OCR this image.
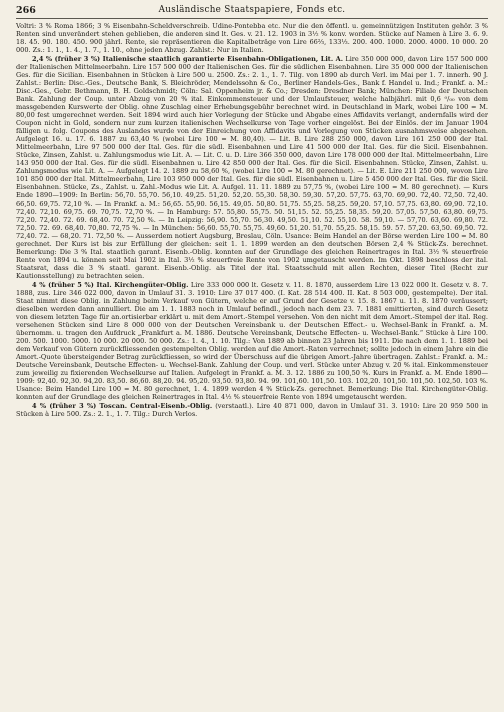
266	Ausländische Staatspapiere, Fonds etc.

Voltri: 3 % Roma 1866; 3 % Eisenbahn-Scheldverschreib. Udine-Pontebba etc. Nur die den öffentl. u. gemeinnützigen Instituten gehör. 3 % Renten sind unverändert stehen geblieben, die anderen sind lt. Ges. v. 21. 12. 1903 in 3½ % konv. worden. Stücke auf Namen à Lire 3. 6. 9. 18. 45. 90. 180. 450. 900 jährl. Rente, sie repräsentieren die Kapitalbeträge von Lire 66⅔, 133⅓. 200. 400. 1000. 2000. 4000. 10 000. 20 000. Zs.: 1. 1., 1. 4., 1. 7., 1. 10., ohne jeden Abzug. Zahlst.: Nur in Italien.

2,4 % (früher 3 %) Italienische staatlich garantierte Eisenbahn-Obligationen, Lit. A. Lire 350 000 000, davon Lire 157 500 000 der Italienischen Mittelmeerbahn. Lire 157 500 000 der Italienischen Ges. für die südlichen Eisenbahnen. Lire 35 000 000 der Italienischen Ges. für die Sicilian. Eisenbahnen in Stücken à Lire 500 u. 2500. Zs.: 2. 1., 1. 7. Tilg. von 1890 ab durch Verl. im Mai per 1. 7. innerh. 90 J. Zahlst.: Berlin: Disc.-Ges., Deutsche Bank, S. Bleichröder, Mendelssohn & Co., Berliner Handels-Ges., Bank f. Handel u. Ind.; Frankf. a. M.: Disc.-Ges., Gebr. Bethmann, B. H. Goldschmidt; Cöln: Sal. Oppenheim jr. & Co.; Dresden: Dresdner Bank; München: Filiale der Deutschen Bank. Zahlung der Coup. unter Abzug von 20 % ital. Einkommensteuer und der Umlaufsteuer, welche halbjährl. mit 0,6 ⁰/₀₀ von dem massgebenden Kurswerte der Oblig. ohne Zuschlag einer Erhebungsgebühr berechnet wird. in Deutschland in Mark, wobei Lire 100 = M. 80,00 fest umgerechnet werden. Seit 1894 wird auch hier Vorlegung der Stücke und Abgabe eines Affidavits verlangt, andernfalls wird der Coupon nicht in Gold, sondern nur zum kurzen italienischen Wechselkurse von Tage vorher eingelöst. Bei der Einlös. der im Januar 1904 fälligen u. folg. Coupons des Auslandes wurde von der Einreichung von Affidavits und Vorlegung von Stücken ausnahmsweise abgesehen. Aufgelegt 16. u. 17. 6. 1887 zu 63,40 % (wobei Lire 100 = M. 80,40). — Lit. B. Lire 288 250 000, davon Lire 161 250 000 der Ital. Mittelmeerbahn, Lire 97 500 000 der Ital. Ges. für die südl. Eisenbahnen und Lire 41 500 000 der Ital. Ges. für die Sicil. Eisenbahnen. Stücke, Zinsen, Zahlst. u. Zahlungsmodus wie Lit. A. — Lit. C. u. D. Lire 366 350 000, davon Lire 178 000 000 der Ital. Mittelmeerbahn, Lire 143 950 000 der Ital. Ges. für die südl. Eisenbahnen u. Lire 42 850 000 der Ital. Ges. für die Sicil. Eisenbahnen. Stücke, Zinsen, Zahlst. u. Zahlungsmodus wie Lit. A. — Aufgelegt 14. 2. 1889 zu 58,60 %, (wobei Lire 100 = M. 80 gerechnet). — Lit. E. Lire 211 250 000, wovon Lire 101 850 000 der Ital. Mittelmeerbahn, Lire 103 950 000 der Ital. Ges. für die südl. Eisenbahnen u. Lire 5 450 000 der Ital. Ges. für die Sicil. Eisenbahnen. Stücke, Zs., Zahlst. u. Zahl.-Modus wie Lit. A. Aufgel. 11. 11. 1889 zu 57,75 %, (wobei Lire 100 = M. 80 gerechnet). — Kurs Ende 1890—1909: In Berlin: 56,70. 55,70. 56,10. 49,25. 51,20. 52,20. 55,30. 58,30. 59,30. 57,20. 57,75. 63,70. 69,90. 72,40. 72,50. 72,40. 66,50. 69,75. 72,10 %. — In Frankf. a. M.: 56,65. 55,90. 56,15. 49,05. 50,80. 51,75. 55,25. 58,25. 59,20. 57,10. 57,75. 63,80. 69,90. 72,10. 72,40. 72,10. 69,75. 69. 70,75. 72,70 %. — In Hamburg: 57. 55,80. 55,75. 50. 51,15. 52. 55,25. 58,35. 59,20. 57,05. 57,50. 63,80. 69,75. 72,20. 72,40. 72. 69. 68,40. 70. 72,50 %. — In Leipzig: 56,90. 55,70. 56,30. 49,50. 51,10. 52. 55,10. 58. 59,10. — 57,70. 63,60. 69,80. 72. 72,50. 72. 69. 68,40. 70,80. 72,75 %. — In München: 56,60. 55,70. 55,75. 49,60. 51,20. 51,70. 55,25. 58,15. 59. 57. 57,20. 63,50. 69,50. 72. 72,40. 72. — 68,20. 71. 72,50 %. — Ausserdem notiert Augsburg, Breslau, Cöln. Usance: Beim Handel an der Börse werden Lire 100 = M. 80 gerechnet. Der Kurs ist bis zur Erfüllung der gleichen: seit 1. 1. 1899 werden an den deutschen Börsen 2,4 % Stück-Zs. berechnet. Bemerkung: Die 3 % Ital. staatlich garant. Eisenb.-Oblig. konnten auf der Grundlage des gleichen Reinertrages in Ital. 3½ % steuerfreie Rente von 1894 u. können seit Mai 1902 in Ital. 3½ % steuerfreie Rente von 1902 umgetauscht werden. Im Okt. 1898 beschloss der ital. Staatsrat, dass die 3 % staatl. garant. Eisenb.-Oblig. als Titel der ital. Staatsschuld mit allen Rechten, dieser Titel (Recht zur Kautionsstellung) zu betrachten seien.

4 % (früher 5 %) Ital. Kirchengüter-Oblig. Lire 333 000 000 lt. Gesetz v. 11. 8. 1870, ausserdem Lire 13 022 000 lt. Gesetz v. 8. 7. 1888, zus. Lire 346 022 000, davon in Umlauf 31. 3. 1910: Lire 37 017 400. (I. Kat. 28 514 400. II. Kat. 8 503 000, gestempelte). Der ital. Staat nimmt diese Oblig. in Zahlung beim Verkauf von Gütern, welche er auf Grund der Gesetze v. 15. 8. 1867 u. 11. 8. 1870 veräussert; dieselben werden dann annulliert. Die am 1. 1. 1883 noch in Umlauf befindl., jedoch nach dem 23. 7. 1881 emittierten, sind durch Gesetz von diesem letzten Tage für an.ortisierbar erklärt u. mit dem Amort.-Stempel versehen. Von den nicht mit dem Amort.-Stempel der ital. Reg. versehenen Stücken sind Lire 8 000 000 von der Deutschen Vereinsbank u. der Deutschen Effect.- u. Wechsel-Bank in Frankf. a. M. übernomm. u. tragen den Aufdruck „Frankfurt a. M. 1886. Deutsche Vereinsbank, Deutsche Effecten- u. Wechsel-Bank.“ Stücke à Lire 100. 200. 500. 1000. 5000. 10 000. 20 000. 50 000. Zs.: 1. 4., 1. 10. Tilg.: Von 1889 ab binnen 23 Jahren bis 1911. Die nach dem 1. 1. 1889 bei dem Verkauf von Gütern zurückfliessenden gestempelten Oblig. werden auf die Amort.-Raten verrechnet; sollte jedoch in einem Jahre ein die Amort.-Quote übersteigender Betrag zurückfliessen, so wird der Überschuss auf die übrigen Amort.-Jahre übertragen. Zahlst.: Frankf. a. M.: Deutsche Vereinsbank, Deutsche Effecten- u. Wechsel-Bank. Zahlung der Coup. und verl. Stücke unter Abzug v. 20 % ital. Einkommensteuer zum jeweilig zu fixierenden Wechselkurse auf Italien. Aufgelegt in Frankf. a. M. 3. 12. 1886 zu 100,50 %. Kurs in Frankf. a. M. Ende 1890—1909: 92,40. 92,30. 94,20. 83,50. 86,60. 88,20. 94. 95,20. 93,50. 93,80. 94. 99. 101,60. 101,50. 103. 102,20. 101,50. 101,50. 102,50. 103 %. Usance: Beim Handel Lire 100 = M. 80 gerechnet, 1. 4. 1899 werden 4 % Stück-Zs. gerechnet. Bemerkung: Die Ital. Kirchengüter-Oblig. konnten auf der Grundlage des gleichen Reinertrages in Ital. 4½ % steuerfreie Rente von 1894 umgetauscht werden.

4 % (früher 3 %) Toscan. Central-Eisenb.-Oblig. (verstaatl.). Lire 40 871 000, davon in Umlauf 31. 3. 1910: Lire 20 959 500 in Stücken à Lire 500. Zs.: 2. 1., 1. 7. Tilg.: Durch Verlos.
